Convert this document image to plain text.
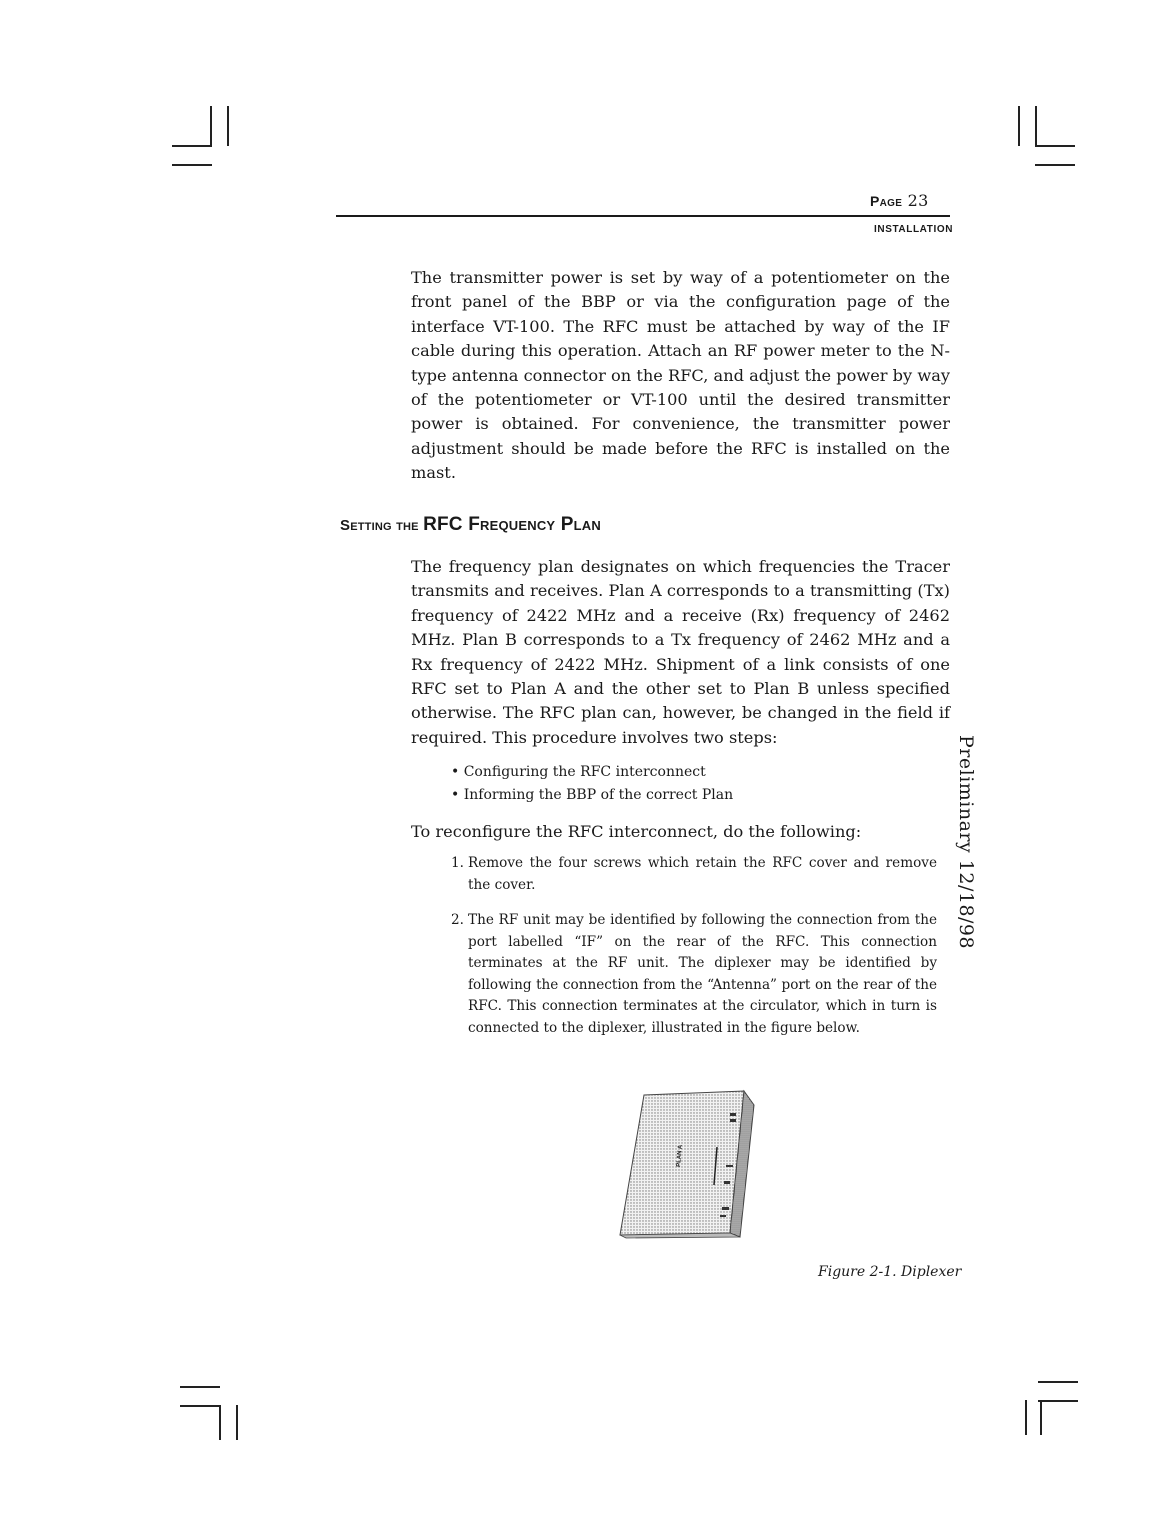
Page 23
INSTALLATION

The transmitter power is set by way of a potentiometer on the front panel of the BBP or via the configuration page of the interface VT-100. The RFC must be attached by way of the IF cable during this operation. Attach an RF power meter to the N-type antenna connector on the RFC, and adjust the power by way of the potentiometer or VT-100 until the desired transmitter power is obtained. For convenience, the transmitter power adjustment should be made before the RFC is installed on the mast.

Setting the RFC Frequency Plan

The frequency plan designates on which frequencies the Tracer transmits and receives. Plan A corresponds to a transmitting (Tx) frequency of 2422 MHz and a receive (Rx) frequency of 2462 MHz. Plan B corresponds to a Tx frequency of 2462 MHz and a Rx frequency of 2422 MHz. Shipment of a link consists of one RFC set to Plan A and the other set to Plan B unless specified otherwise. The RFC plan can, however, be changed in the field if required. This procedure involves two steps:

• Configuring the RFC interconnect
• Informing the BBP of the correct Plan

To reconfigure the RFC interconnect, do the following:

1. Remove the four screws which retain the RFC cover and remove the cover.
2. The RF unit may be identified by following the connection from the port labelled “IF” on the rear of the RFC. This connection terminates at the RF unit. The diplexer may be identified by following the connection from the “Antenna” port on the rear of the RFC. This connection terminates at the circulator, which in turn is connected to the diplexer, illustrated in the figure below.
Preliminary 12/18/98
PLAN A
Figure 2-1. Diplexer
